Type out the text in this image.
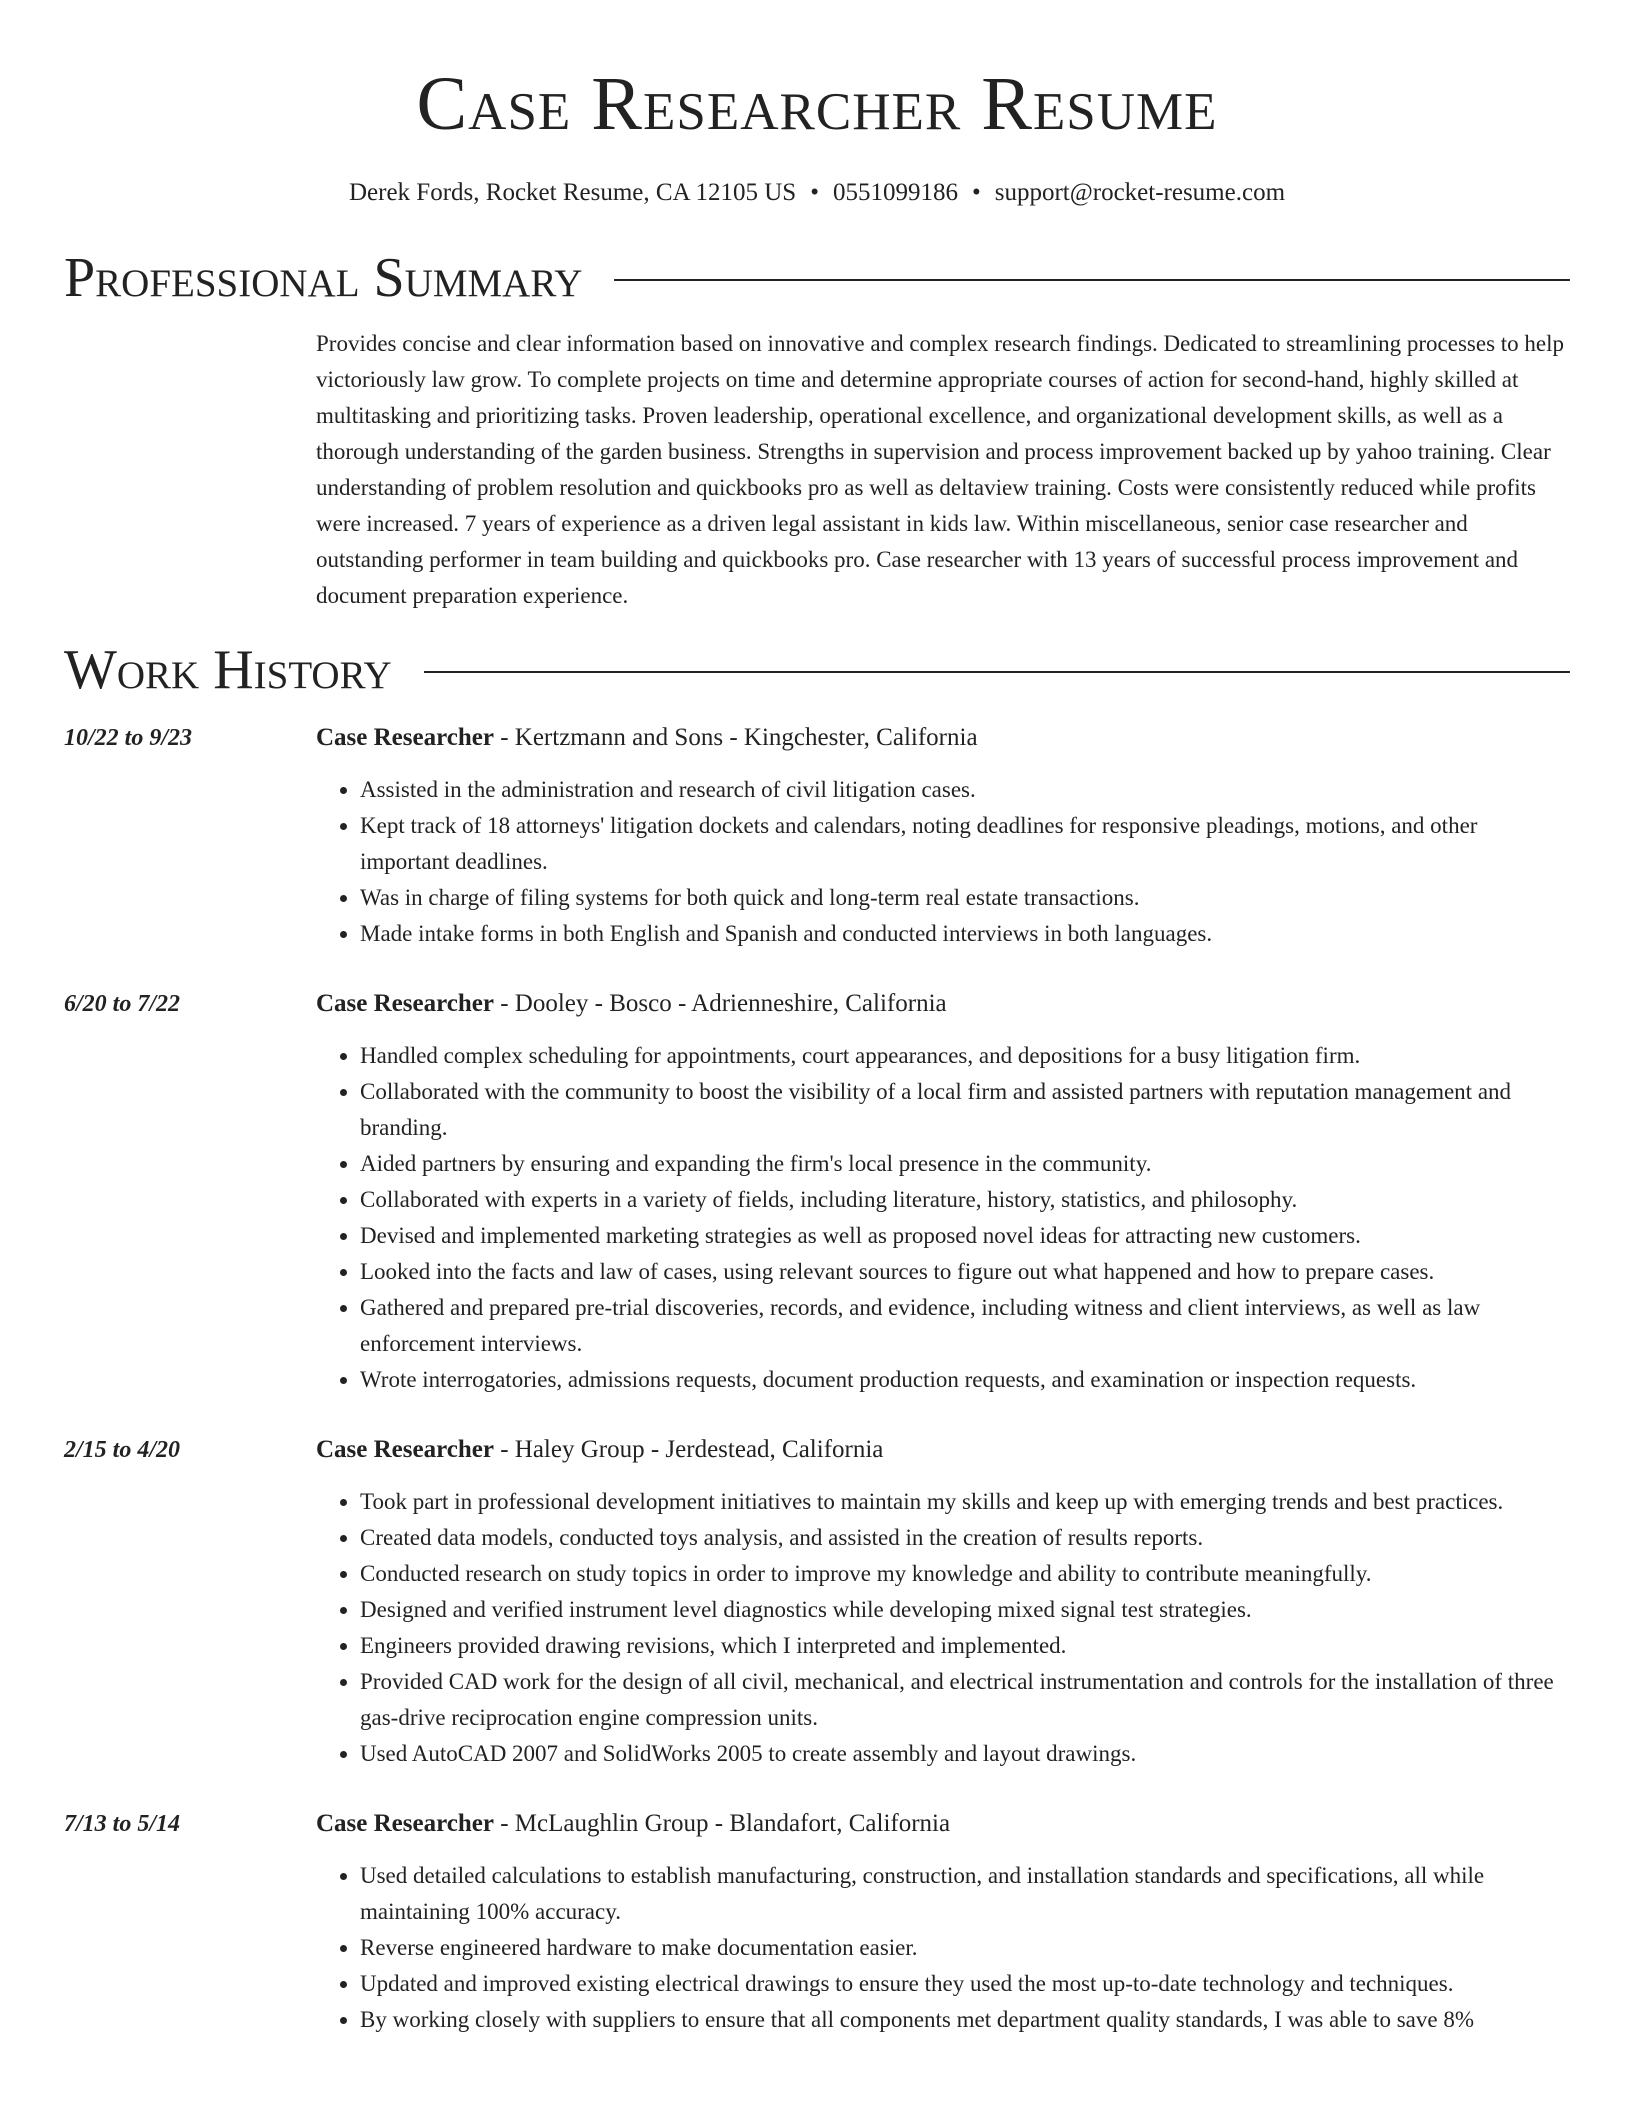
Case Researcher Resume
Derek Fords, Rocket Resume, CA 12105 US • 0551099186 • support@rocket-resume.com
Professional Summary
Provides concise and clear information based on innovative and complex research findings. Dedicated to streamlining processes to help victoriously law grow. To complete projects on time and determine appropriate courses of action for second-hand, highly skilled at multitasking and prioritizing tasks. Proven leadership, operational excellence, and organizational development skills, as well as a thorough understanding of the garden business. Strengths in supervision and process improvement backed up by yahoo training. Clear understanding of problem resolution and quickbooks pro as well as deltaview training. Costs were consistently reduced while profits were increased. 7 years of experience as a driven legal assistant in kids law. Within miscellaneous, senior case researcher and outstanding performer in team building and quickbooks pro. Case researcher with 13 years of successful process improvement and document preparation experience.
Work History
10/22 to 9/23	Case Researcher - Kertzmann and Sons - Kingchester, California
• Assisted in the administration and research of civil litigation cases.
• Kept track of 18 attorneys' litigation dockets and calendars, noting deadlines for responsive pleadings, motions, and other important deadlines.
• Was in charge of filing systems for both quick and long-term real estate transactions.
• Made intake forms in both English and Spanish and conducted interviews in both languages.
6/20 to 7/22	Case Researcher - Dooley - Bosco - Adrienneshire, California
• Handled complex scheduling for appointments, court appearances, and depositions for a busy litigation firm.
• Collaborated with the community to boost the visibility of a local firm and assisted partners with reputation management and branding.
• Aided partners by ensuring and expanding the firm's local presence in the community.
• Collaborated with experts in a variety of fields, including literature, history, statistics, and philosophy.
• Devised and implemented marketing strategies as well as proposed novel ideas for attracting new customers.
• Looked into the facts and law of cases, using relevant sources to figure out what happened and how to prepare cases.
• Gathered and prepared pre-trial discoveries, records, and evidence, including witness and client interviews, as well as law enforcement interviews.
• Wrote interrogatories, admissions requests, document production requests, and examination or inspection requests.
2/15 to 4/20	Case Researcher - Haley Group - Jerdestead, California
• Took part in professional development initiatives to maintain my skills and keep up with emerging trends and best practices.
• Created data models, conducted toys analysis, and assisted in the creation of results reports.
• Conducted research on study topics in order to improve my knowledge and ability to contribute meaningfully.
• Designed and verified instrument level diagnostics while developing mixed signal test strategies.
• Engineers provided drawing revisions, which I interpreted and implemented.
• Provided CAD work for the design of all civil, mechanical, and electrical instrumentation and controls for the installation of three gas-drive reciprocation engine compression units.
• Used AutoCAD 2007 and SolidWorks 2005 to create assembly and layout drawings.
7/13 to 5/14	Case Researcher - McLaughlin Group - Blandafort, California
• Used detailed calculations to establish manufacturing, construction, and installation standards and specifications, all while maintaining 100% accuracy.
• Reverse engineered hardware to make documentation easier.
• Updated and improved existing electrical drawings to ensure they used the most up-to-date technology and techniques.
• By working closely with suppliers to ensure that all components met department quality standards, I was able to save 8%
